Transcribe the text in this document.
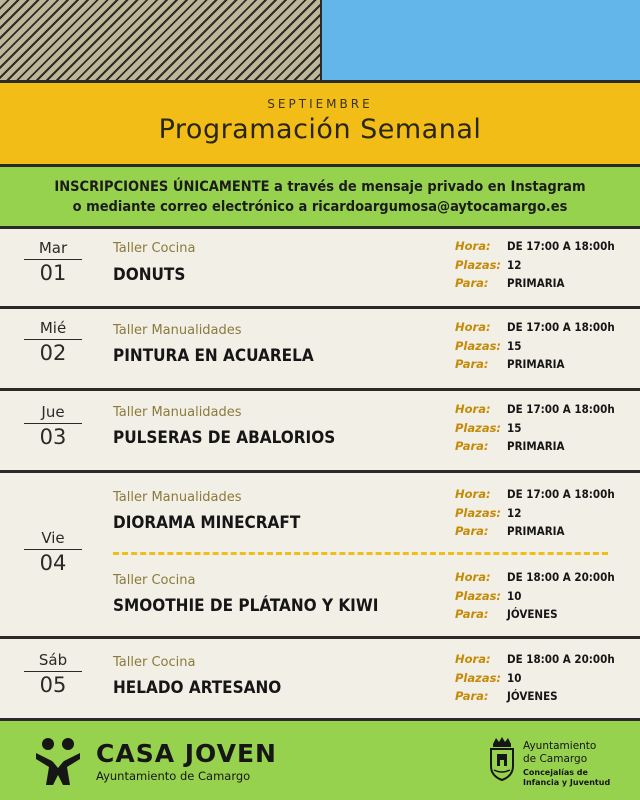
SEPTIEMBRE
Programación Semanal
INSCRIPCIONES ÚNICAMENTE a través de mensaje privado en Instagram
o mediante correo electrónico a ricardoargumosa@aytocamargo.es
Mar
01
Taller Cocina
DONUTS
Hora: DE 17:00 A 18:00h
Plazas: 12
Para: PRIMARIA
Mié
02
Taller Manualidades
PINTURA EN ACUARELA
Hora: DE 17:00 A 18:00h
Plazas: 15
Para: PRIMARIA
Jue
03
Taller Manualidades
PULSERAS DE ABALORIOS
Hora: DE 17:00 A 18:00h
Plazas: 15
Para: PRIMARIA
Vie
04
Taller Manualidades
DIORAMA MINECRAFT
Hora: DE 17:00 A 18:00h
Plazas: 12
Para: PRIMARIA
Taller Cocina
SMOOTHIE DE PLÁTANO Y KIWI
Hora: DE 18:00 A 20:00h
Plazas: 10
Para: JÓVENES
Sáb
05
Taller Cocina
HELADO ARTESANO
Hora: DE 18:00 A 20:00h
Plazas: 10
Para: JÓVENES
CASA JOVEN
Ayuntamiento de Camargo
Ayuntamiento
de Camargo
Concejalías de
Infancia y Juventud
